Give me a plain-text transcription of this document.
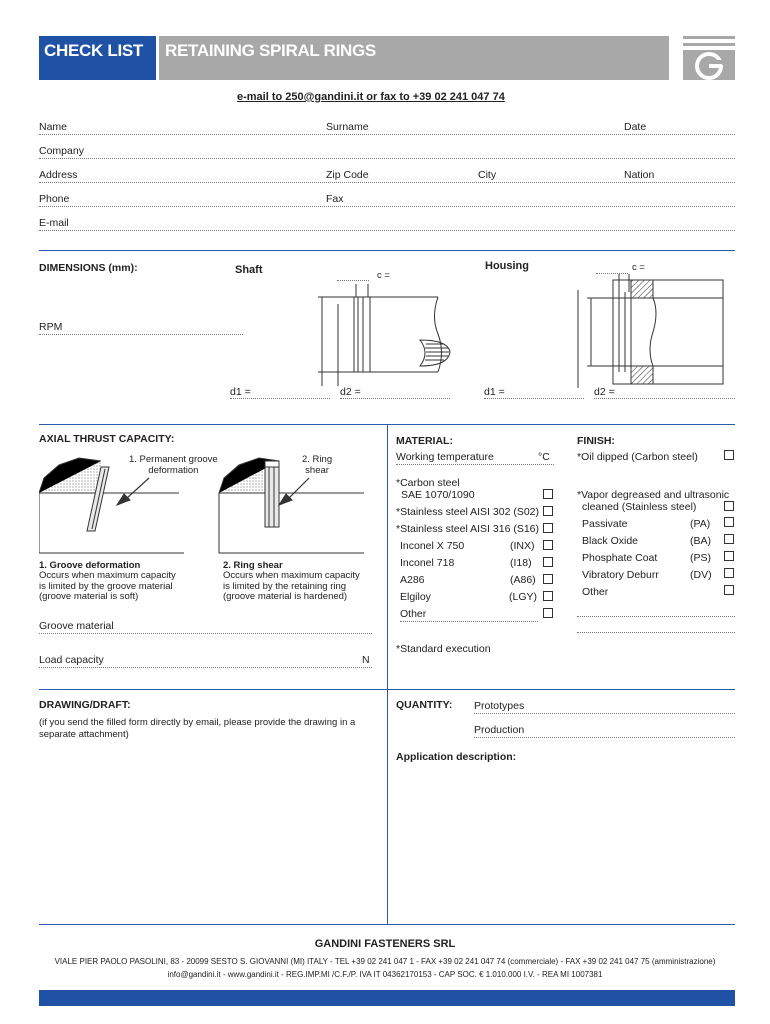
CHECK LIST	RETAINING SPIRAL RINGS
e-mail to 250@gandini.it or fax to +39 02 241 047 74
Name	Surname	Date
Company
Address	Zip Code	City	Nation
Phone	Fax
E-mail
DIMENSIONS (mm):	Shaft	Housing
c =
c =
RPM
d1 =	d2 =	d1 =	d2 =
AXIAL THRUST CAPACITY:
1. Permanent groove
deformation
2. Ring
shear
1. Groove deformation
Occurs when maximum capacity
is limited by the groove material
(groove material is soft)
2. Ring shear
Occurs when maximum capacity
is limited by the retaining ring
(groove material is hardened)
Groove material
Load capacity	N
MATERIAL:
Working temperature	°C
*Carbon steel
SAE 1070/1090
*Stainless steel AISI 302 (S02)
*Stainless steel AISI 316 (S16)
Inconel X 750	(INX)
Inconel 718	(I18)
A286	(A86)
Elgiloy	(LGY)
Other
*Standard execution
FINISH:
*Oil dipped (Carbon steel)
*Vapor degreased and ultrasonic
cleaned (Stainless steel)
Passivate	(PA)
Black Oxide	(BA)
Phosphate Coat	(PS)
Vibratory Deburr	(DV)
Other
DRAWING/DRAFT:
(if you send the filled form directly by email, please provide the drawing in a
separate attachment)
QUANTITY: Prototypes
Production
Application description:
GANDINI FASTENERS SRL
VIALE PIER PAOLO PASOLINI, 83 - 20099 SESTO S. GIOVANNI (MI) ITALY - TEL +39 02 241 047 1 - FAX +39 02 241 047 74 (commerciale) - FAX +39 02 241 047 75 (amministrazione)
info@gandini.it - www.gandini.it - REG.IMP.MI /C.F./P. IVA IT 04362170153 - CAP SOC. € 1.010.000 I.V. - REA MI 1007381
